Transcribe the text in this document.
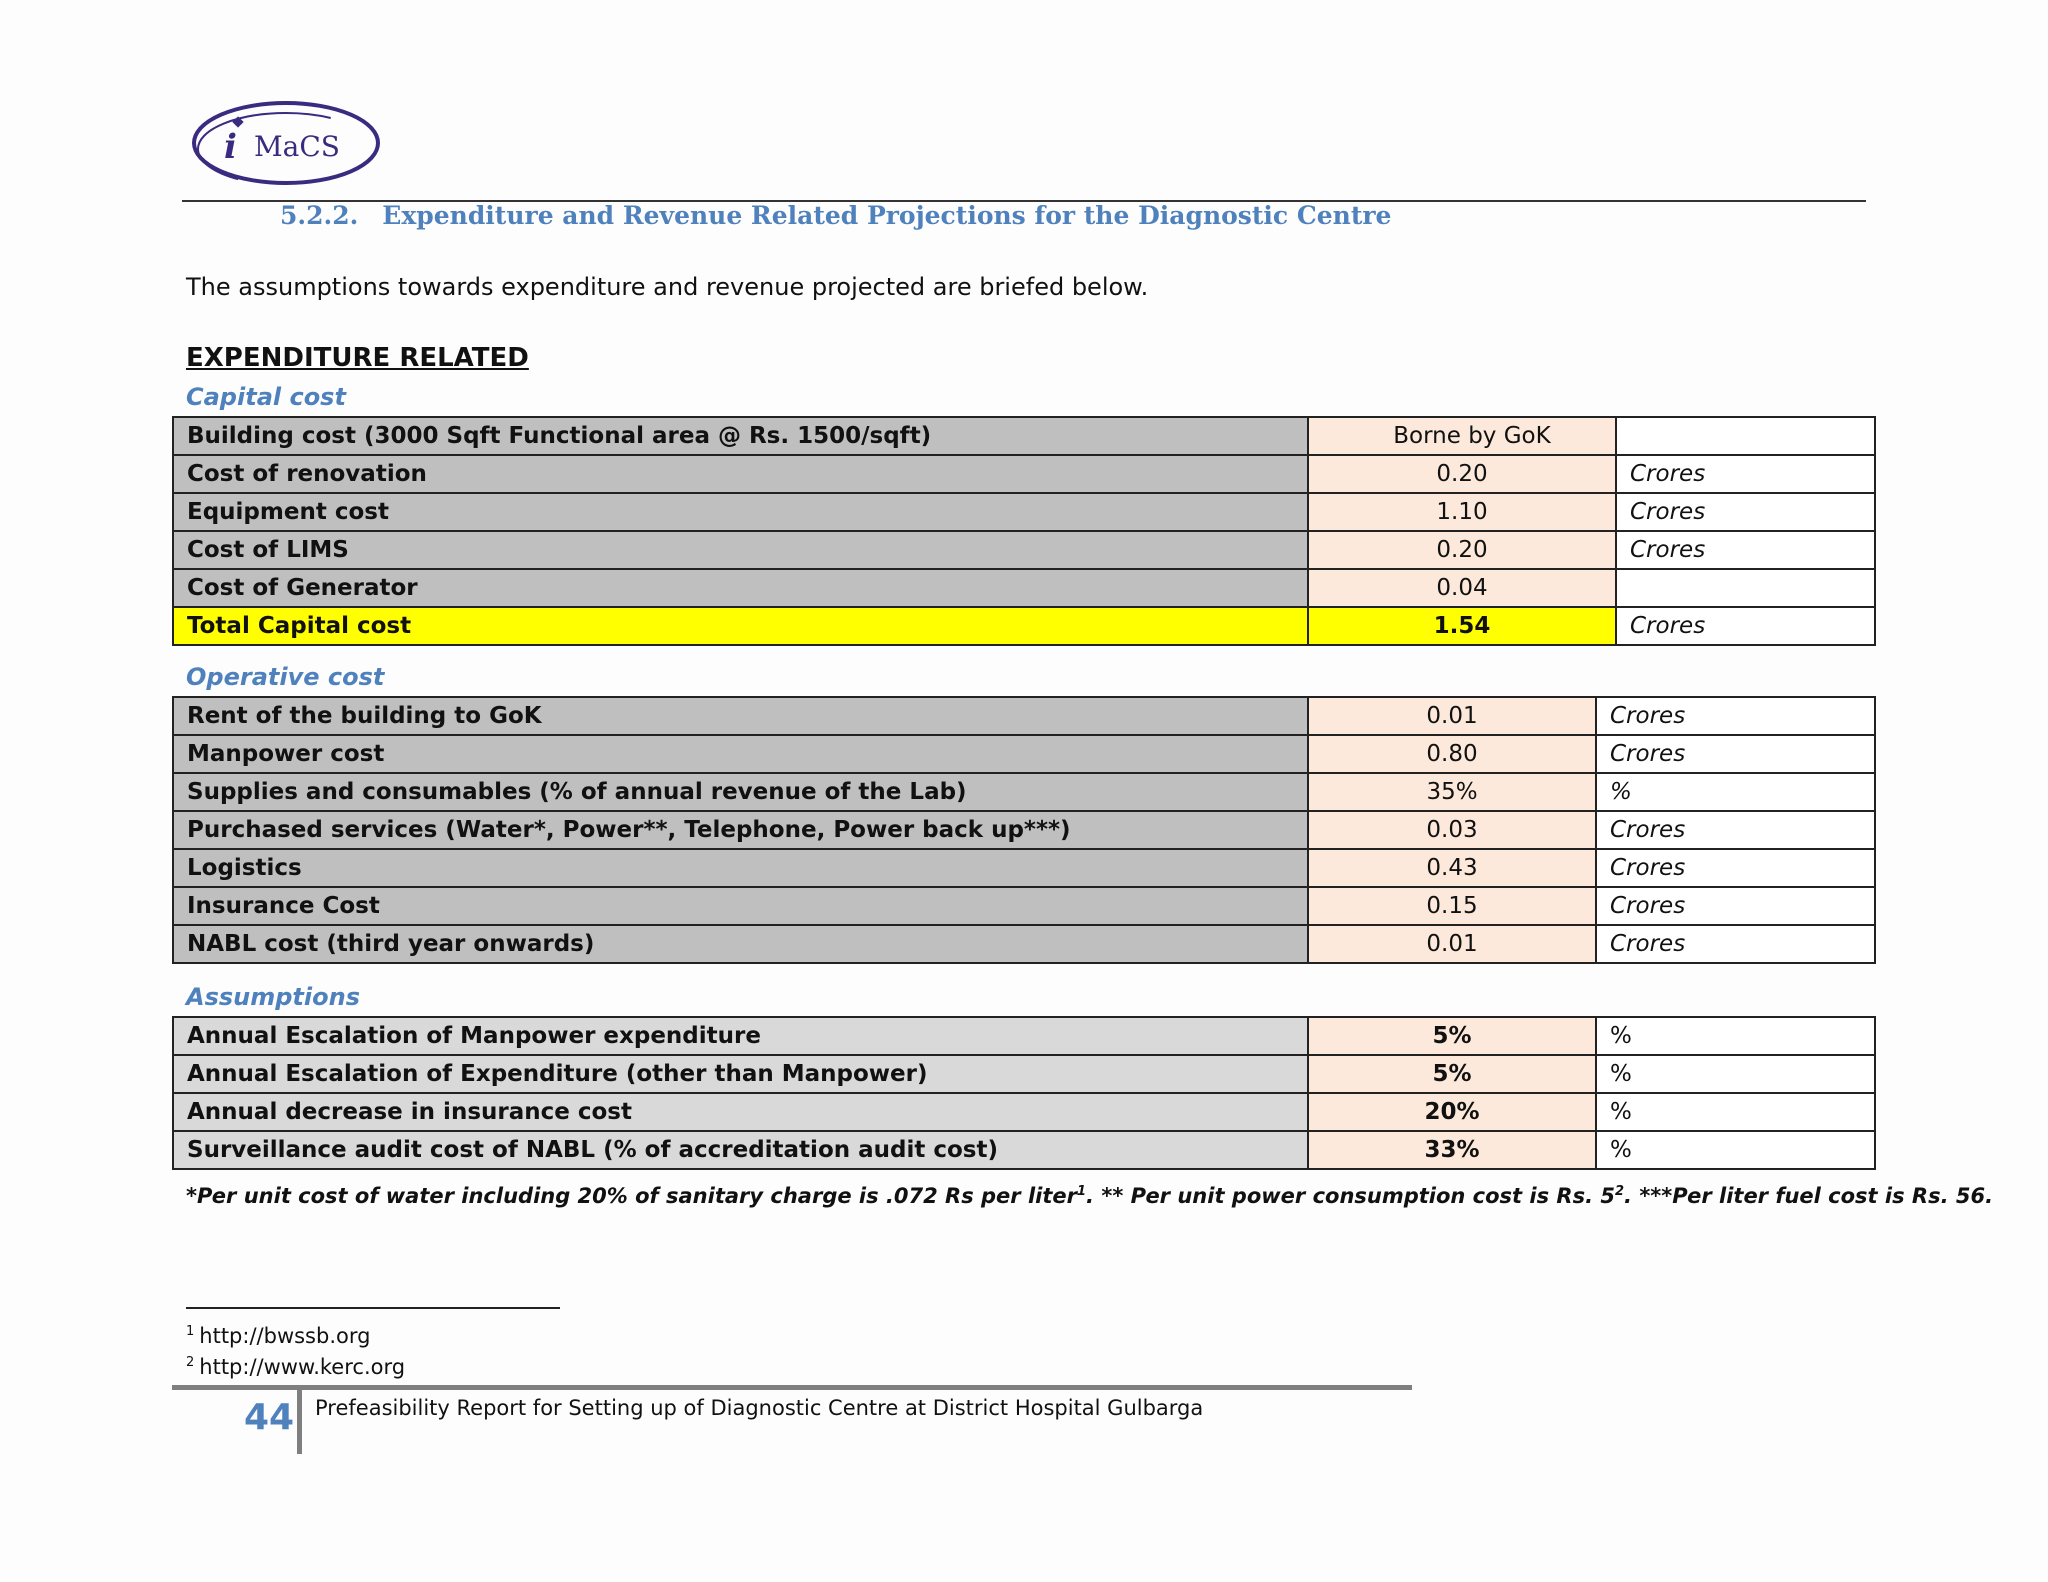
i MaCS
5.2.2. Expenditure and Revenue Related Projections for the Diagnostic Centre
The assumptions towards expenditure and revenue projected are briefed below.
EXPENDITURE RELATED
Capital cost
Building cost (3000 Sqft Functional area @ Rs. 1500/sqft)	Borne by GoK	
Cost of renovation	0.20	Crores
Equipment cost	1.10	Crores
Cost of LIMS	0.20	Crores
Cost of Generator	0.04	
Total Capital cost	1.54	Crores
Operative cost
Rent of the building to GoK	0.01	Crores
Manpower cost	0.80	Crores
Supplies and consumables (% of annual revenue of the Lab)	35%	%
Purchased services (Water*, Power**, Telephone, Power back up***)	0.03	Crores
Logistics	0.43	Crores
Insurance Cost	0.15	Crores
NABL cost (third year onwards)	0.01	Crores
Assumptions
Annual Escalation of Manpower expenditure	5%	%
Annual Escalation of Expenditure (other than Manpower)	5%	%
Annual decrease in insurance cost	20%	%
Surveillance audit cost of NABL (% of accreditation audit cost)	33%	%
*Per unit cost of water including 20% of sanitary charge is .072 Rs per liter$^1$. ** Per unit power consumption cost is Rs. $5^2$. ***Per liter fuel cost is Rs. 56.
$^1$ http://bwssb.org
$^2$ http://www.kerc.org
44 Prefeasibility Report for Setting up of Diagnostic Centre at District Hospital Gulbarga
